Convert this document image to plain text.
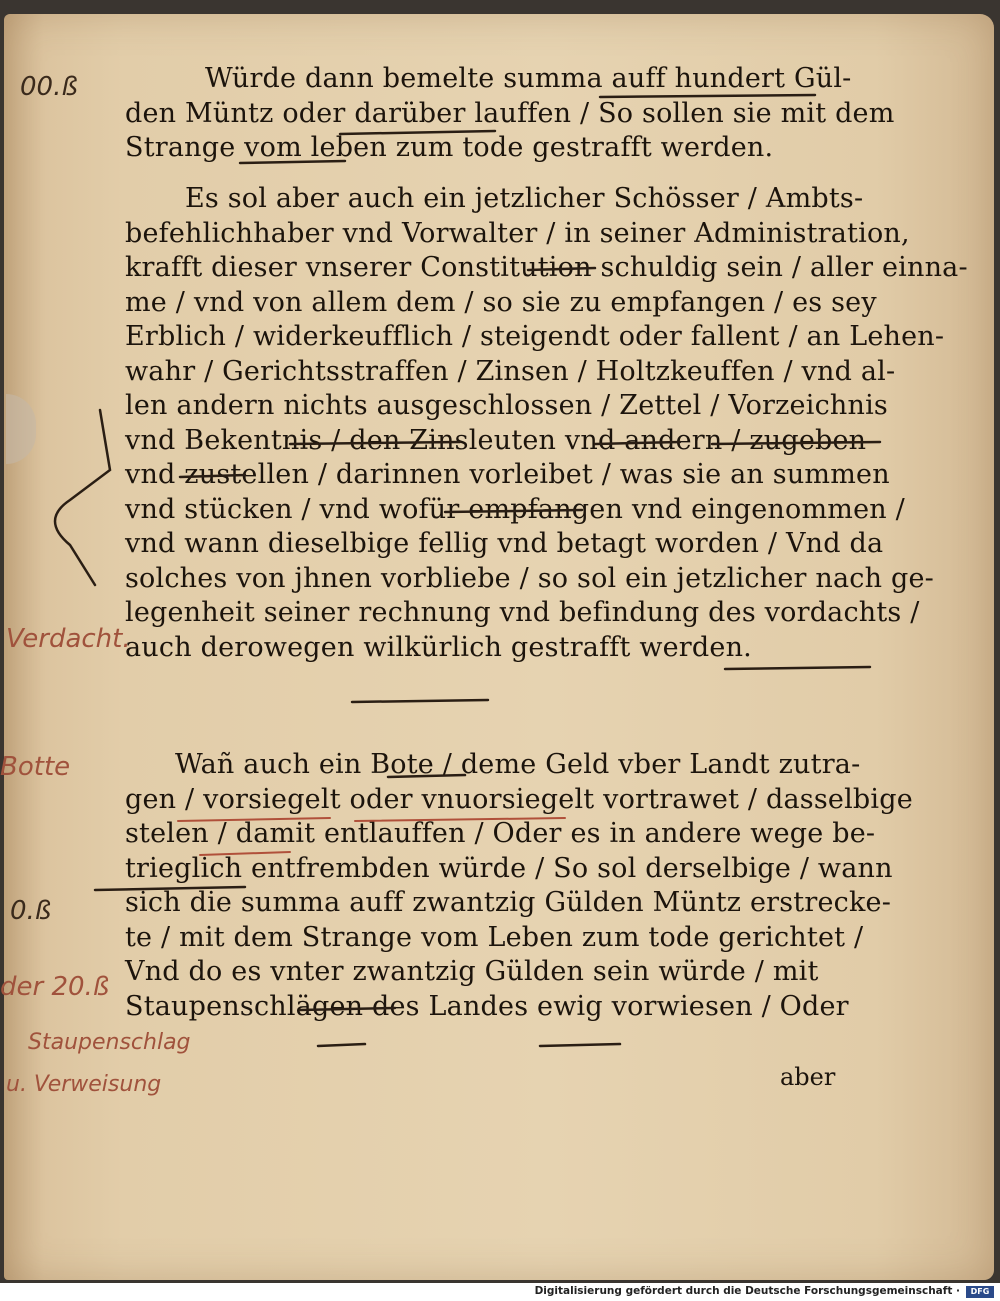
Würde dann bemelte summa auff hundert Gül-
den Müntz oder darüber lauffen / So sollen sie mit dem
Strange vom leben zum tode gestrafft werden.
Es sol aber auch ein jetzlicher Schösser / Ambts-
befehlichhaber vnd Vorwalter / in seiner Administration,
krafft dieser vnserer Constitution schuldig sein / aller einna-
me / vnd von allem dem / so sie zu empfangen / es sey
Erblich / widerkeufflich / steigendt oder fallent / an Lehen-
wahr / Gerichtsstraffen / Zinsen / Holtzkeuffen / vnd al-
len andern nichts ausgeschlossen / Zettel / Vorzeichnis
vnd Bekentnis / den Zinsleuten vnd andern / zugeben
vnd zustellen / darinnen vorleibet / was sie an summen
vnd stücken / vnd wofür empfangen vnd eingenommen /
vnd wann dieselbige fellig vnd betagt worden / Vnd da
solches von jhnen vorbliebe / so sol ein jetzlicher nach ge-
legenheit seiner rechnung vnd befindung des vordachts /
auch derowegen wilkürlich gestrafft werden.
Wañ auch ein Bote / deme Geld vber Landt zutra-
gen / vorsiegelt oder vnuorsiegelt vortrawet / dasselbige
stelen / damit entlauffen / Oder es in andere wege be-
trieglich entfrembden würde / So sol derselbige / wann
sich die summa auff zwantzig Gülden Müntz erstrecke-
te / mit dem Strange vom Leben zum tode gerichtet /
Vnd do es vnter zwantzig Gülden sein würde / mit
Staupenschlägen des Landes ewig vorwiesen / Oder
aber
00.ß
Verdacht.
Botte
0.ß
der 20.ß
Staupenschlag
u. Verweisung
Digitalisierung gefördert durch die Deutsche Forschungsgemeinschaft ·	DFG
